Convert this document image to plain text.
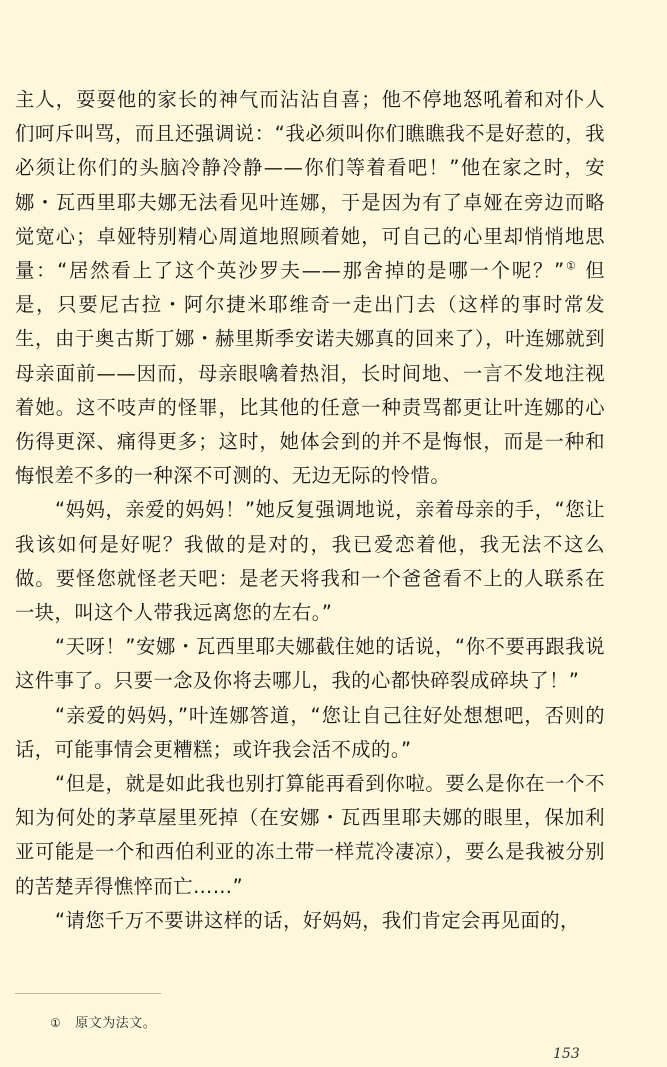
主人，耍耍他的家长的神气而沾沾自喜；他不停地怒吼着和对仆人们呵斥叫骂，而且还强调说：“我必须叫你们瞧瞧我不是好惹的，我必须让你们的头脑冷静冷静——你们等着看吧！”他在家之时，安娜・瓦西里耶夫娜无法看见叶连娜，于是因为有了卓娅在旁边而略觉宽心；卓娅特别精心周道地照顾着她，可自己的心里却悄悄地思量：“居然看上了这个英沙罗夫——那舍掉的是哪一个呢？”① 但是，只要尼古拉・阿尔捷米耶维奇一走出门去（这样的事时常发生，由于奥古斯丁娜・赫里斯季安诺夫娜真的回来了），叶连娜就到母亲面前——因而，母亲眼噙着热泪，长时间地、一言不发地注视着她。这不吱声的怪罪，比其他的任意一种责骂都更让叶连娜的心伤得更深、痛得更多；这时，她体会到的并不是悔恨，而是一种和悔恨差不多的一种深不可测的、无边无际的怜惜。

“妈妈，亲爱的妈妈！”她反复强调地说，亲着母亲的手，“您让我该如何是好呢？我做的是对的，我已爱恋着他，我无法不这么做。要怪您就怪老天吧：是老天将我和一个爸爸看不上的人联系在一块，叫这个人带我远离您的左右。”

“天呀！”安娜・瓦西里耶夫娜截住她的话说，“你不要再跟我说这件事了。只要一念及你将去哪儿，我的心都快碎裂成碎块了！”

“亲爱的妈妈，”叶连娜答道，“您让自己往好处想想吧，否则的话，可能事情会更糟糕；或许我会活不成的。”

“但是，就是如此我也别打算能再看到你啦。要么是你在一个不知为何处的茅草屋里死掉（在安娜・瓦西里耶夫娜的眼里，保加利亚可能是一个和西伯利亚的冻土带一样荒冷凄凉），要么是我被分别的苦楚弄得憔悴而亡……”

“请您千万不要讲这样的话，好妈妈，我们肯定会再见面的，

① 原文为法文。
153
